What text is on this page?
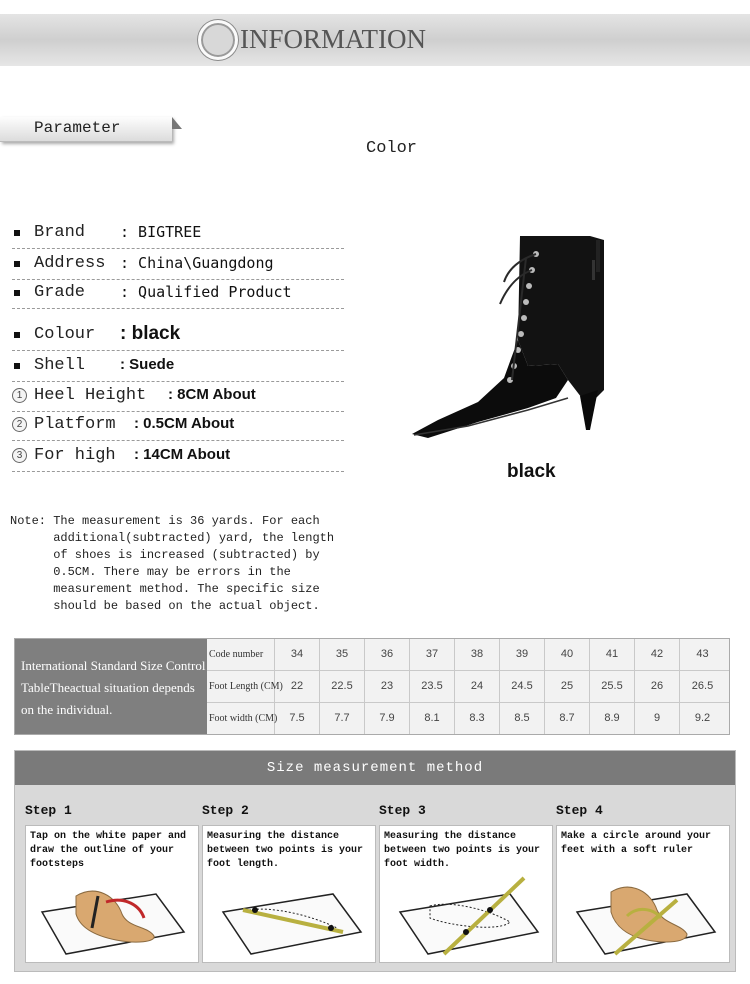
INFORMATION
Parameter
Color
Brand : BIGTREE
Address : China\Guangdong
Grade : Qualified Product
Colour : black
Shell : Suede
1 Heel Height : 8CM About
2 Platform : 0.5CM About
3 For high : 14CM About
black
Note: The measurement is 36 yards. For each
additional(subtracted) yard, the length
of shoes is increased (subtracted) by
0.5CM. There may be errors in the
measurement method. The specific size
should be based on the actual object.
International Standard Size Control TableTheactual situation depends on the individual.
Code number	34	35	36	37	38	39	40	41	42	43
Foot Length (CM) 22	22.5	23	23.5	24	24.5	25	25.5	26	26.5
Foot width (CM)	7.5	7.7	7.9	8.1	8.3	8.5	8.7	8.9	9	9.2
Size measurement method
Step 1
Tap on the white paper and draw the outline of your footsteps
Step 2
Measuring the distance between two points is your foot length.
Step 3
Measuring the distance between two points is your foot width.
Step 4
Make a circle around your feet with a soft ruler
